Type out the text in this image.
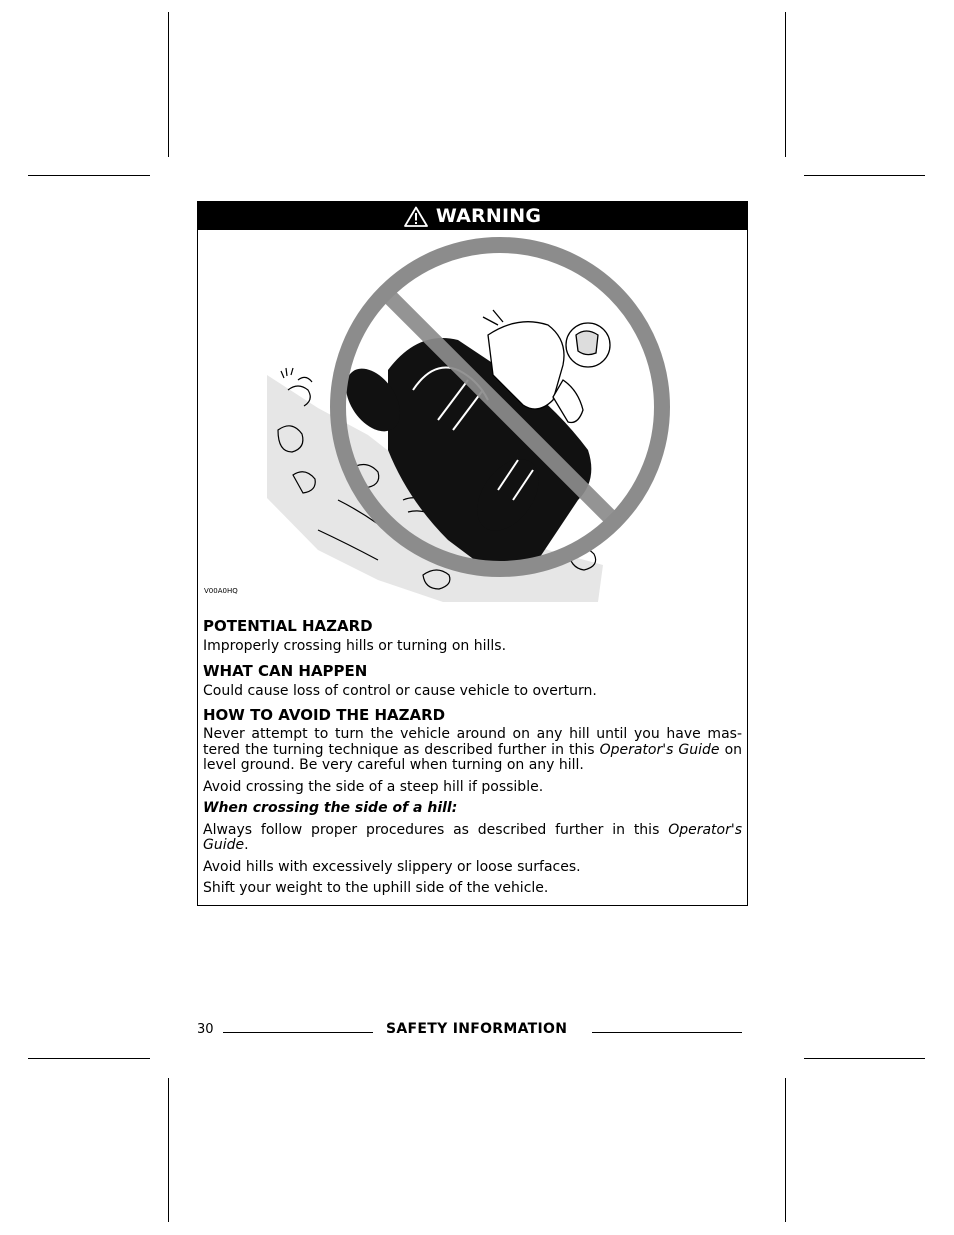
WARNING
V00A0HQ

POTENTIAL HAZARD

Improperly crossing hills or turning on hills.

WHAT CAN HAPPEN

Could cause loss of control or cause vehicle to overturn.

HOW TO AVOID THE HAZARD

Never attempt to turn the vehicle around on any hill until you have mas-tered the turning technique as described further in this Operator's Guide on level ground. Be very careful when turning on any hill.

Avoid crossing the side of a steep hill if possible.

When crossing the side of a hill:

Always follow proper procedures as described further in this Operator's Guide.

Avoid hills with excessively slippery or loose surfaces.

Shift your weight to the uphill side of the vehicle.

30	SAFETY INFORMATION
